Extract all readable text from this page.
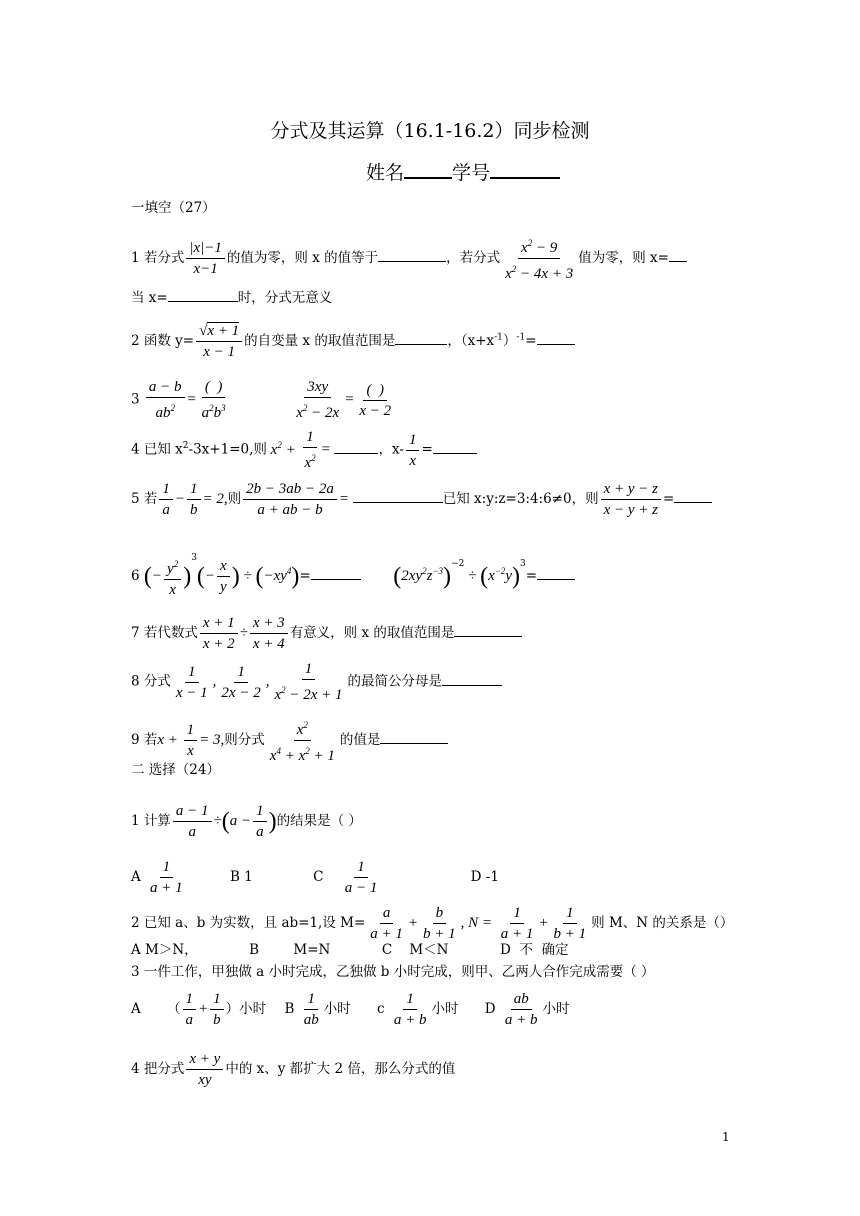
分式及其运算（16.1-16.2）同步检测
姓名	学号
一填空（27）
1 若分式 $\frac{|x|-1}{x-1}$ 的值为零，则 x 的值等于	，若分式 $\frac{x^2 - 9}{x^2 - 4x + 3}$ 值为零，则 x=
当 x=	时，分式无意义
2 函数 $y= \frac{√x + 1}{x - 1}$ 的自变量 x 的取值范围是	，$(x+x^{-1})^{-1}=$
$3 \frac{a - b}{ab^2} = \frac{( )}{a^2b^3}$
	$\frac{3xy}{x^2 - 2x} = \frac{( )}{x - 2}$
4 已知 $x^2-3x+1=0$,则 $x^2 + \frac{1}{x^2}$ =	，$x- \frac{1}{x}$ =
5 若 $\frac{1}{a} - \frac{1}{b} = 2$,则 $\frac{2b - 3ab - 2a}{a + ab - b}$ =	已知 x:y:z=3:4:6≠0，则 $\frac{x + y - z}{x - y + z}$ =
6 (− $\frac{y^2}{x} )^3(- \frac{x}{y}$ ) ÷ $(-xy^4)=$	$(2xy^2z^{-3})^{-2} \div (x^{-2}y)^3=$
7 若代数式 $\frac{x + 1}{x + 2} \div \frac{x + 3}{x + 4}$ 有意义，则 x 的取值范围是
8 分式 $\frac{1}{x - 1}$ , $\frac{1}{2x - 2}$ , $\frac{1}{x^2 - 2x + 1}$ 的最简公分母是
9 若$x + \frac{1}{x} = 3$,则分式 $\frac{x^2}{x^4 + x^2 + 1}$ 的值是
二 选择（24）
1 计算 $\frac{a - 1}{a} \div(a - \frac{1}{a}$ )的结果是（ ）
A $\frac{1}{a + 1}$	B 1	C $\frac{1}{a - 1}$	D -1
2 已知 a、b 为实数，且 ab=1,设 $M= \frac{a}{a + 1} + \frac{b}{b + 1}$ , $N = \frac{1}{a + 1} + \frac{1}{b + 1}$ 则 M、N 的关系是（）
A M＞N，            B        M=N            C    M＜N            D  不  确定
3 一件工作，甲独做 a 小时完成，乙独做 b 小时完成，则甲、乙两人合作完成需要（ ）
A （ $\frac{1}{a} + \frac{1}{b}$ ）小时 B $\frac{1}{ab}$ 小时 c $\frac{1}{a + b}$ 小时 D $\frac{ab}{a + b}$ 小时
4 把分式 $\frac{x + y}{xy}$ 中的 x、y 都扩大 2 倍，那么分式的值
1
